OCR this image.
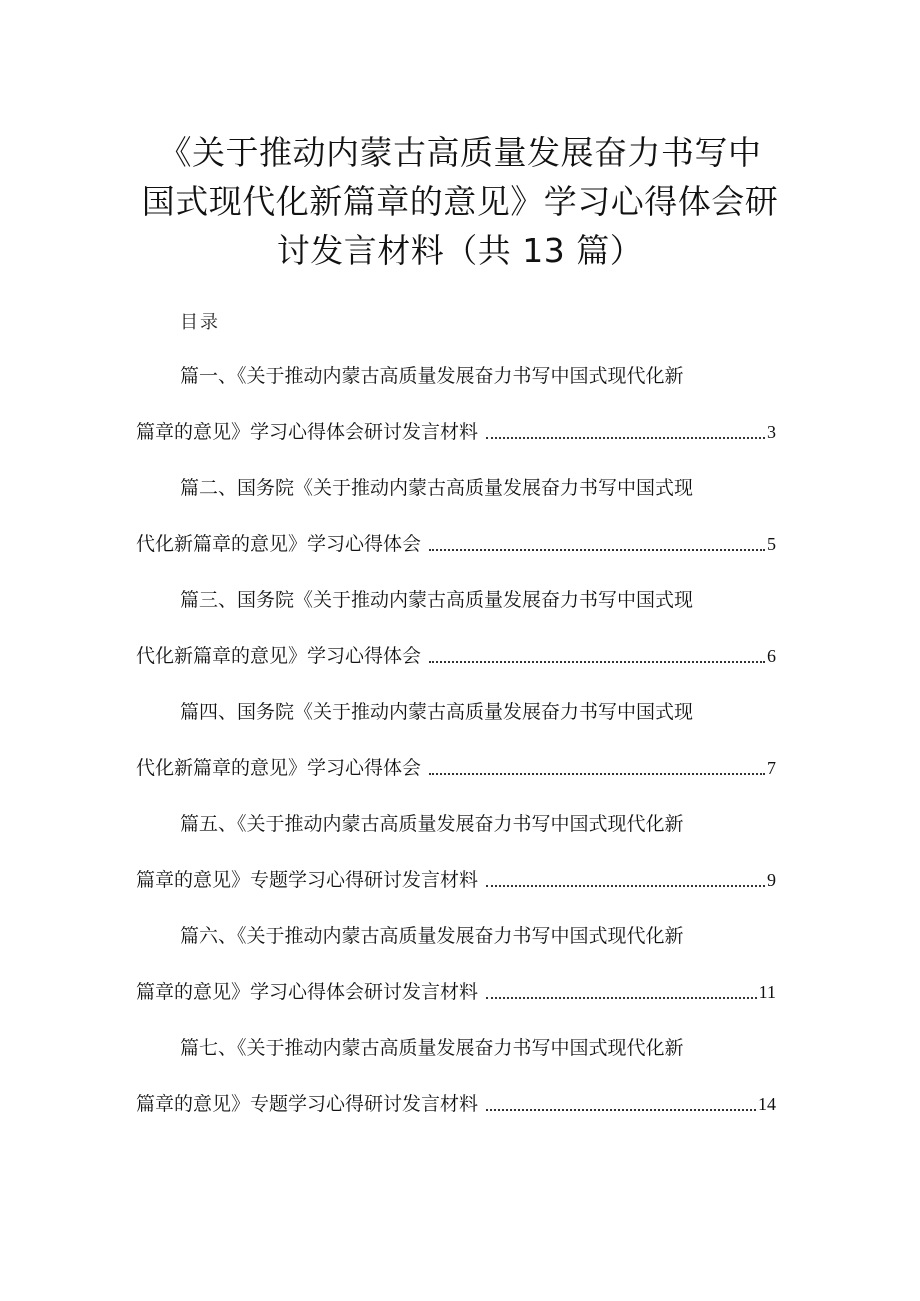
《关于推动内蒙古高质量发展奋力书写中
国式现代化新篇章的意见》学习心得体会研
讨发言材料（共 13 篇）
目录
篇一、《关于推动内蒙古高质量发展奋力书写中国式现代化新
篇章的意见》学习心得体会研讨发言材料	3
篇二、国务院《关于推动内蒙古高质量发展奋力书写中国式现
代化新篇章的意见》学习心得体会	5
篇三、国务院《关于推动内蒙古高质量发展奋力书写中国式现
代化新篇章的意见》学习心得体会	6
篇四、国务院《关于推动内蒙古高质量发展奋力书写中国式现
代化新篇章的意见》学习心得体会	7
篇五、《关于推动内蒙古高质量发展奋力书写中国式现代化新
篇章的意见》专题学习心得研讨发言材料	9
篇六、《关于推动内蒙古高质量发展奋力书写中国式现代化新
篇章的意见》学习心得体会研讨发言材料	11
篇七、《关于推动内蒙古高质量发展奋力书写中国式现代化新
篇章的意见》专题学习心得研讨发言材料	14
